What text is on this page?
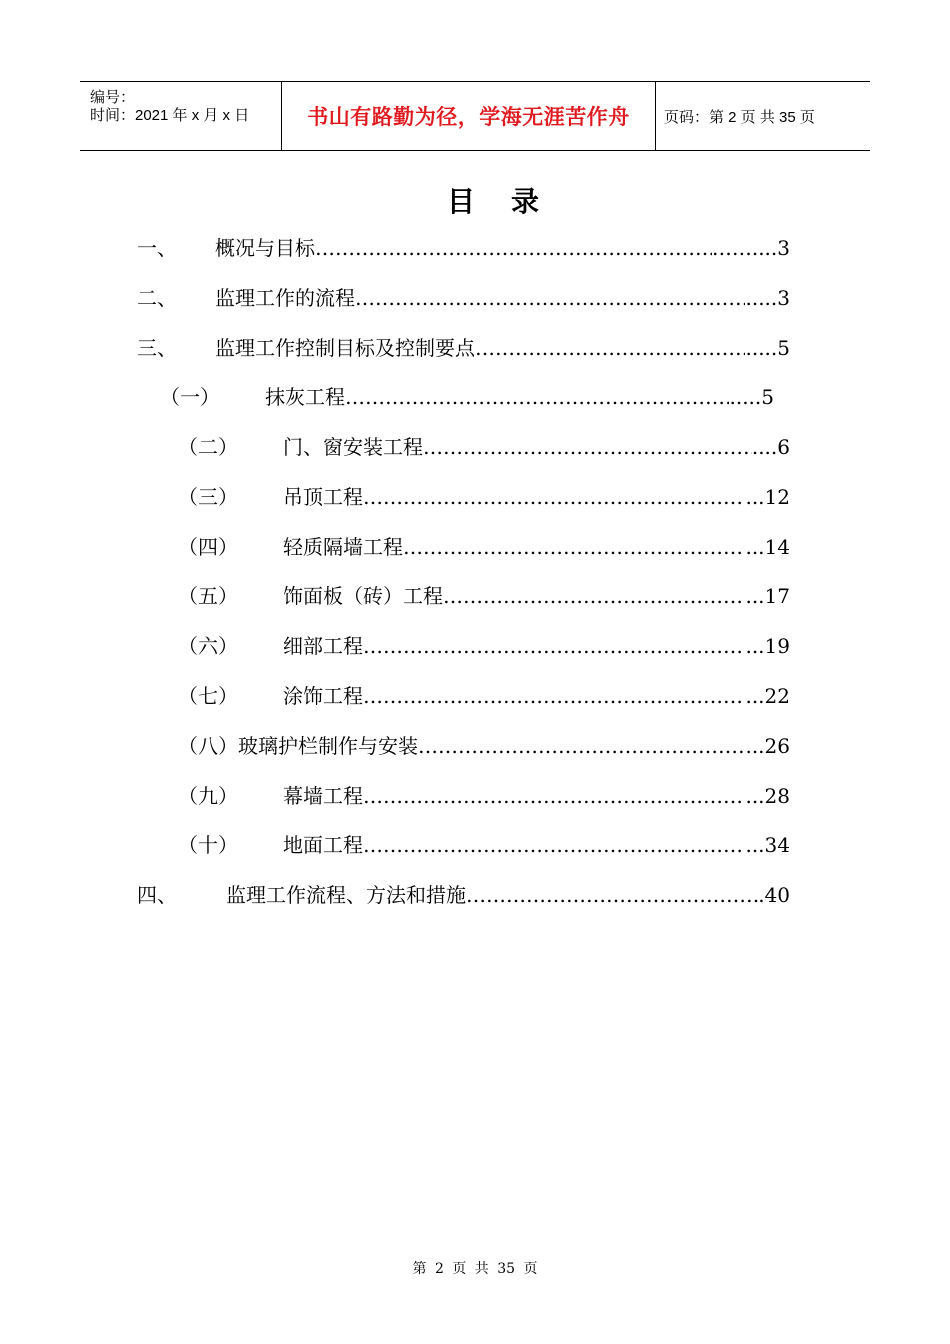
编号：
时间：2021 年 x 月 x 日	书山有路勤为径，学海无涯苦作舟 页码：第 2 页 共 35 页
目录
一、 概况与目标 …………………………………………………………………………………………………………………………	……....3
二、 监理工作的流程 …………………………………………………………………………………………………………………………	.....3
三、 监理工作控制目标及控制要点 …………………………………………………………………………………………………………………………	.....5
（一） 抹灰工程 …………………………………………………………………………………………………………………………	.....5
（二） 门、窗安装工程 …………………………………………………………………………………………………………………………	....6
（三） 吊顶工程 …………………………………………………………………………………………………………………………	...12
（四） 轻质隔墙工程 …………………………………………………………………………………………………………………………	...14
（五） 饰面板（砖）工程 …………………………………………………………………………………………………………………………	...17
（六） 细部工程 …………………………………………………………………………………………………………………………	...19
（七） 涂饰工程 …………………………………………………………………………………………………………………………	...22
（八） 玻璃护栏制作与安装 …………………………………………………………………………………………………………………………	...26
（九） 幕墙工程 …………………………………………………………………………………………………………………………	...28
（十） 地面工程 …………………………………………………………………………………………………………………………	...34
四、 监理工作流程、方法和措施 …………………………………………………………………………………………………………………………	.40
第 2 页 共 35 页
